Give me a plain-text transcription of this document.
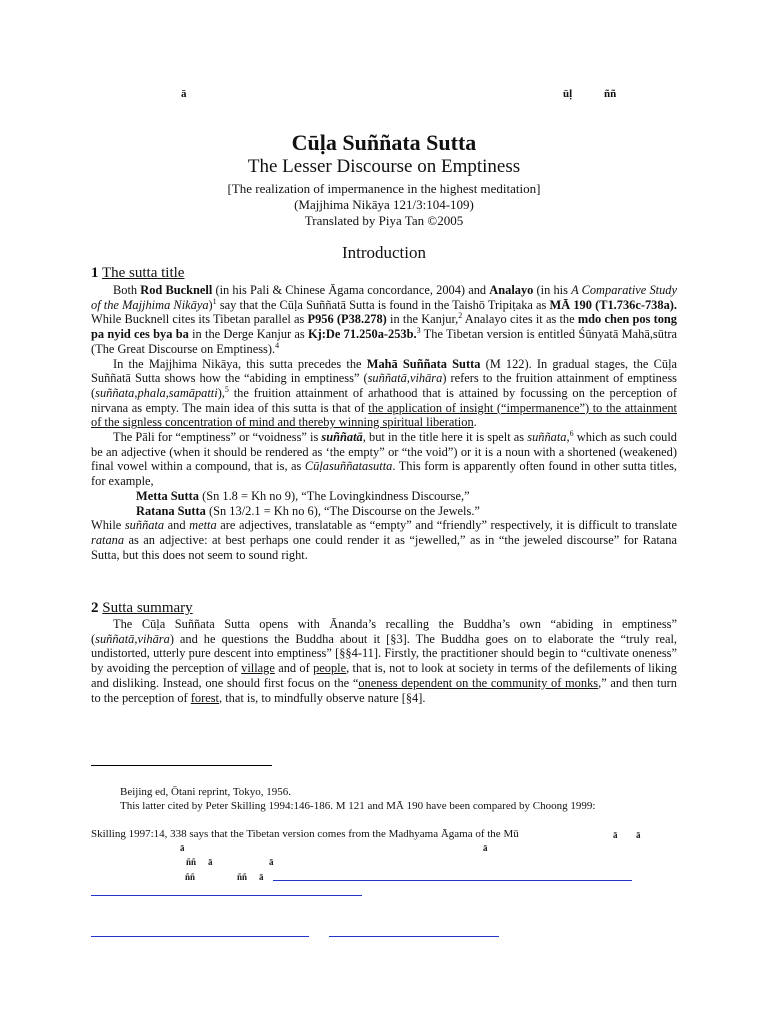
ā	ūḷ	ññ
Cūḷa Suññata Sutta
The Lesser Discourse on Emptiness
[The realization of impermanence in the highest meditation]
(Majjhima Nikāya 121/3:104-109)
Translated by Piya Tan ©2005
Introduction
1 The sutta title

Both Rod Bucknell (in his Pali & Chinese Āgama concordance, 2004) and Analayo (in his A Comparative Study of the Majjhima Nikāya)$^1$ say that the Cūḷa Suññatā Sutta is found in the Taishō Tripiṭaka as MĀ 190 (T1.736c-738a). While Bucknell cites its Tibetan parallel as P956 (P38.278) in the Kanjur,$^2$ Analayo cites it as the mdo chen pos tong pa nyid ces bya ba in the Derge Kanjur as Kj:De 71.250a-253b.$^3$ The Tibetan version is entitled Śūnyatā Mahā,sūtra (The Great Discourse on Emptiness).$^4$

In the Majjhima Nikāya, this sutta precedes the Mahā Suññata Sutta (M 122). In gradual stages, the Cūḷa Suññatā Sutta shows how the “abiding in emptiness” (suññatā,vihāra) refers to the fruition attainment of emptiness (suññata,phala,samāpatti),$^5$ the fruition attainment of arhathood that is attained by focussing on the perception of nirvana as empty. The main idea of this sutta is that of the application of insight (“impermanence”) to the attainment of the signless concentration of mind and thereby winning spiritual liberation.

The Pāli for “emptiness” or “voidness” is suññatā, but in the title here it is spelt as suññata,$^6$ which as such could be an adjective (when it should be rendered as ‘the empty” or “the void”) or it is a noun with a shortened (weakened) final vowel within a compound, that is, as Cūḷasuññatasutta. This form is apparently often found in other sutta titles, for example,

Metta Sutta (Sn 1.8 = Kh no 9), “The Lovingkindness Discourse,”

Ratana Sutta (Sn 13/2.1 = Kh no 6), “The Discourse on the Jewels.”

While suññata and metta are adjectives, translatable as “empty” and “friendly” respectively, it is difficult to translate ratana as an adjective: at best perhaps one could render it as “jewelled,” as in “the jeweled discourse” for Ratana Sutta, but this does not seem to sound right.

2 Sutta summary

The Cūḷa Suññata Sutta opens with Ānanda’s recalling the Buddha’s own “abiding in emptiness” (suññatā,vihāra) and he questions the Buddha about it [§3]. The Buddha goes on to elaborate the “truly real, undistorted, utterly pure descent into emptiness” [§§4-11]. Firstly, the practitioner should begin to “cultivate oneness” by avoiding the perception of village and of people, that is, not to look at society in terms of the defilements of liking and disliking. Instead, one should first focus on the “oneness dependent on the community of monks,” and then turn to the perception of forest, that is, to mindfully observe nature [§4].

Beijing ed, Ōtani reprint, Tokyo, 1956.
This latter cited by Peter Skilling 1994:146-186. M 121 and MĀ 190 have been compared by Choong 1999:
Skilling 1997:14, 338 says that the Tibetan version comes from the Madhyama Āgama of the Mū	ā ā
ā	ā
ññ ā	ā
ññ	ññ ā
